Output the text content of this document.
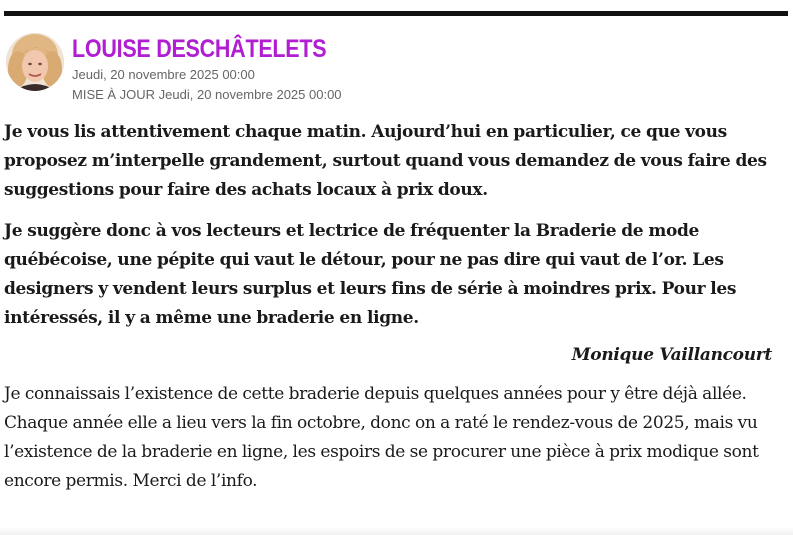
LOUISE DESCHÂTELETS
Jeudi, 20 novembre 2025 00:00
MISE À JOUR Jeudi, 20 novembre 2025 00:00

Je vous lis attentivement chaque matin. Aujourd’hui en particulier, ce que vous proposez m’interpelle grandement, surtout quand vous demandez de vous faire des suggestions pour faire des achats locaux à prix doux.

Je suggère donc à vos lecteurs et lectrice de fréquenter la Braderie de mode québécoise, une pépite qui vaut le détour, pour ne pas dire qui vaut de l’or. Les designers y vendent leurs surplus et leurs fins de série à moindres prix. Pour les intéressés, il y a même une braderie en ligne.

Monique Vaillancourt

Je connaissais l’existence de cette braderie depuis quelques années pour y être déjà allée. Chaque année elle a lieu vers la fin octobre, donc on a raté le rendez-vous de 2025, mais vu l’existence de la braderie en ligne, les espoirs de se procurer une pièce à prix modique sont encore permis. Merci de l’info.
